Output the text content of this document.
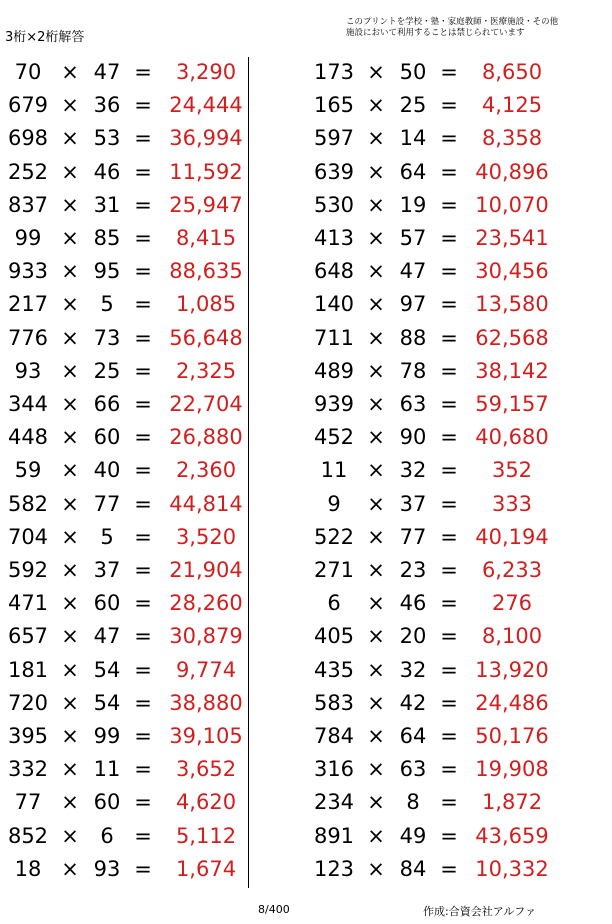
3桁×2桁解答
このプリントを学校・塾・家庭教師・医療施設・その他
施設において利用することは禁じられています
70 × 47 =	3,290
679 × 36 = 24,444
698 × 53 = 36,994
252 × 46 = 11,592
837 × 31 = 25,947
99 × 85 =	8,415
933 × 95 = 88,635
217 ×	5 =	1,085
776 × 73 = 56,648
93 × 25 =	2,325
344 × 66 = 22,704
448 × 60 = 26,880
59 × 40 =	2,360
582 × 77 = 44,814
704 ×	5 =	3,520
592 × 37 = 21,904
471 × 60 = 28,260
657 × 47 = 30,879
181 × 54 =	9,774
720 × 54 = 38,880
395 × 99 = 39,105
332 × 11 =	3,652
77 × 60 =	4,620
852 ×	6 =	5,112
18 × 93 =	1,674
173 × 50 =	8,650
165 × 25 =	4,125
597 × 14 =	8,358
639 × 64 = 40,896
530 × 19 = 10,070
413 × 57 = 23,541
648 × 47 = 30,456
140 × 97 = 13,580
711 × 88 = 62,568
489 × 78 = 38,142
939 × 63 = 59,157
452 × 90 = 40,680
11 × 32 =	352
9	× 37 =	333
522 × 77 = 40,194
271 × 23 =	6,233
6	× 46 =	276
405 × 20 =	8,100
435 × 32 = 13,920
583 × 42 = 24,486
784 × 64 = 50,176
316 × 63 = 19,908
234 ×	8 =	1,872
891 × 49 = 43,659
123 × 84 = 10,332
8/400	作成:合資会社アルファ
